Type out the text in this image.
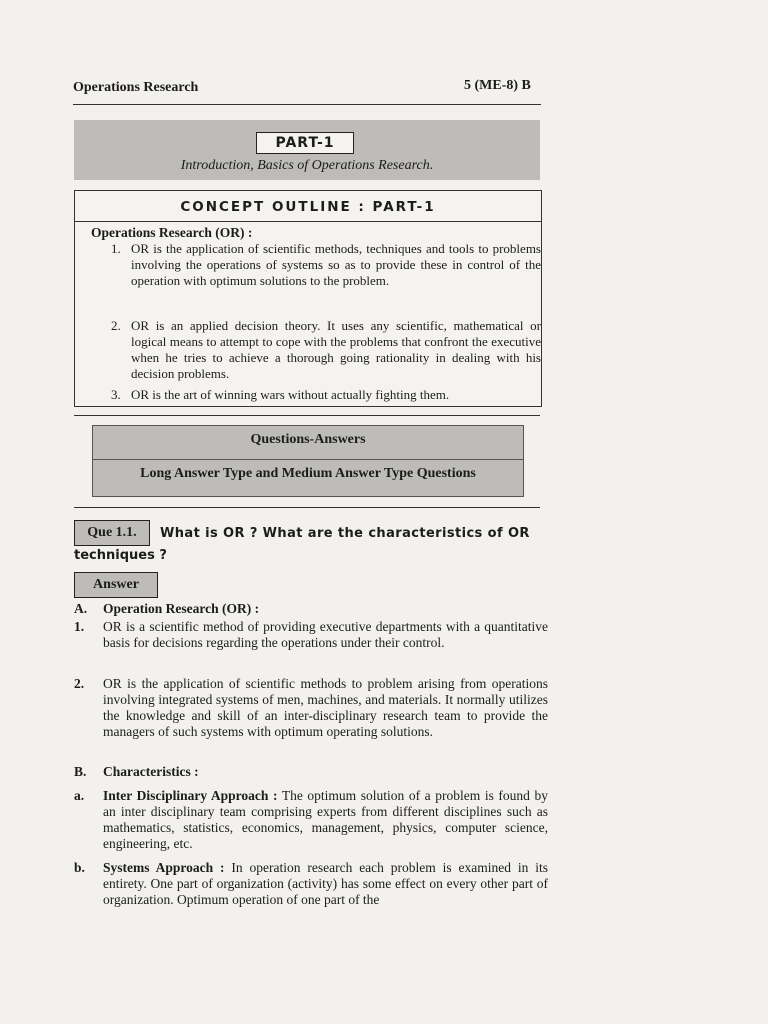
Operations Research	5 (ME-8) B
PART-1
Introduction, Basics of Operations Research.
CONCEPT OUTLINE : PART-1
Operations Research (OR) :
1. OR is the application of scientific methods, techniques and tools to problems involving the operations of systems so as to provide these in control of the operation with optimum solutions to the problem.
2. OR is an applied decision theory. It uses any scientific, mathematical or logical means to attempt to cope with the problems that confront the executive when he tries to achieve a thorough going rationality in dealing with his decision problems.
3. OR is the art of winning wars without actually fighting them.
Questions-Answers
Long Answer Type and Medium Answer Type Questions
Que 1.1.	What is OR ? What are the characteristics of OR
techniques ?
Answer
A. Operation Research (OR) :
1. OR is a scientific method of providing executive departments with a quantitative basis for decisions regarding the operations under their control.
2. OR is the application of scientific methods to problem arising from operations involving integrated systems of men, machines, and materials. It normally utilizes the knowledge and skill of an inter-disciplinary research team to provide the managers of such systems with optimum operating solutions.
B. Characteristics :
a. Inter Disciplinary Approach : The optimum solution of a problem is found by an inter disciplinary team comprising experts from different disciplines such as mathematics, statistics, economics, management, physics, computer science, engineering, etc.
b. Systems Approach : In operation research each problem is examined in its entirety. One part of organization (activity) has some effect on every other part of organization. Optimum operation of one part of the
